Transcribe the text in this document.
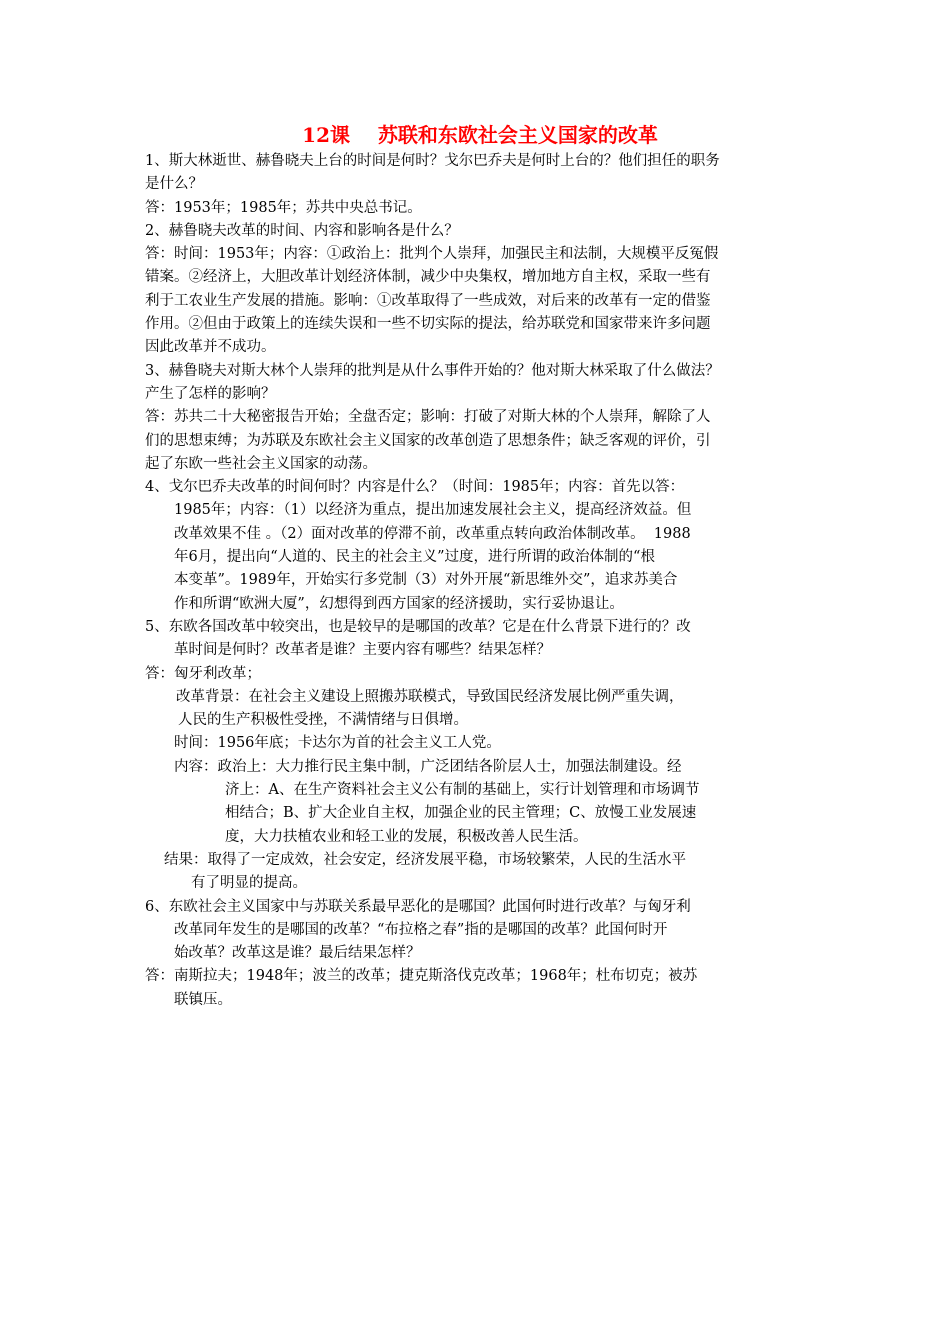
12课    苏联和东欧社会主义国家的改革
1、斯大林逝世、赫鲁晓夫上台的时间是何时？戈尔巴乔夫是何时上台的？他们担任的职务
是什么？
答：1953年；1985年；苏共中央总书记。
2、赫鲁晓夫改革的时间、内容和影响各是什么？
答：时间：1953年；内容：①政治上：批判个人崇拜，加强民主和法制，大规模平反冤假
错案。②经济上，大胆改革计划经济体制，减少中央集权，增加地方自主权，采取一些有
利于工农业生产发展的措施。影响：①改革取得了一些成效，对后来的改革有一定的借鉴
作用。②但由于政策上的连续失误和一些不切实际的提法，给苏联党和国家带来许多问题
因此改革并不成功。
3、赫鲁晓夫对斯大林个人崇拜的批判是从什么事件开始的？他对斯大林采取了什么做法？
产生了怎样的影响？
答：苏共二十大秘密报告开始；全盘否定；影响：打破了对斯大林的个人崇拜，解除了人
们的思想束缚；为苏联及东欧社会主义国家的改革创造了思想条件；缺乏客观的评价，引
起了东欧一些社会主义国家的动荡。
4、戈尔巴乔夫改革的时间何时？内容是什么？（时间：1985年；内容：首先以答：
1985年；内容：（1）以经济为重点，提出加速发展社会主义，提高经济效益。但
改革效果不佳 。（2）面对改革的停滞不前，改革重点转向政治体制改革。  1988
年6月，提出向“人道的、民主的社会主义”过度，进行所谓的政治体制的“根
本变革”。1989年，开始实行多党制（3）对外开展“新思维外交”，追求苏美合
作和所谓“欧洲大厦”，幻想得到西方国家的经济援助，实行妥协退让。
5、东欧各国改革中较突出，也是较早的是哪国的改革？它是在什么背景下进行的？改
革时间是何时？改革者是谁？主要内容有哪些？结果怎样？
答：匈牙利改革；
改革背景：在社会主义建设上照搬苏联模式，导致国民经济发展比例严重失调，
人民的生产积极性受挫，不满情绪与日俱增。
时间：1956年底；卡达尔为首的社会主义工人党。
内容：政治上：大力推行民主集中制，广泛团结各阶层人士，加强法制建设。经
济上：A、在生产资料社会主义公有制的基础上，实行计划管理和市场调节
相结合；B、扩大企业自主权，加强企业的民主管理；C、放慢工业发展速
度，大力扶植农业和轻工业的发展，积极改善人民生活。
结果：取得了一定成效，社会安定，经济发展平稳，市场较繁荣，人民的生活水平
有了明显的提高。
6、东欧社会主义国家中与苏联关系最早恶化的是哪国？此国何时进行改革？与匈牙利
改革同年发生的是哪国的改革？“布拉格之春”指的是哪国的改革？此国何时开
始改革？改革这是谁？最后结果怎样？
答：南斯拉夫；1948年；波兰的改革；捷克斯洛伐克改革；1968年；杜布切克；被苏
联镇压。
